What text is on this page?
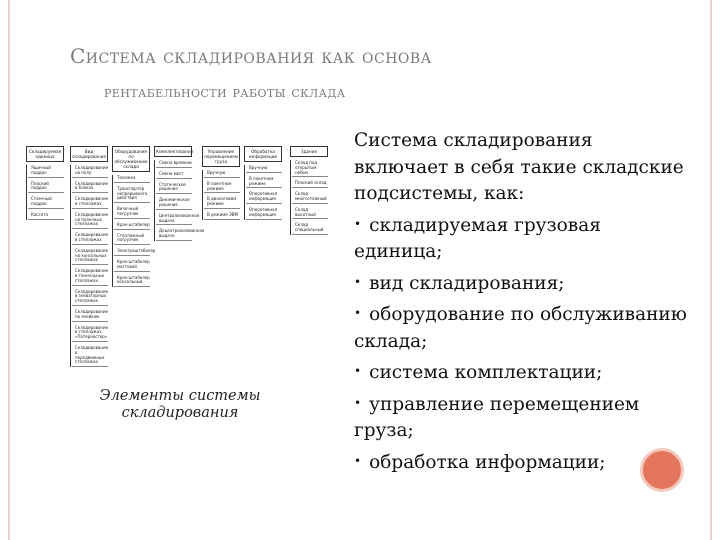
Система складирования как основа
рентабельности работы склада
Складируемая единица
Ящичный поддон
Плоский поддон
Стоечный поддон
Кассета
Вид складирования
Складирование на полу
Складирование в блоках
Складирование в стеллажах
Складирование на полочных стеллажах
Складирование в стеллажах
Складирование на консольных стеллажах
Складирование в тоннельных стеллажах
Складирование в элеваторных стеллажах
Складирование по ячейкам
Складирование в стеллажах «Патерностер»
Складирование в передвижных стеллажах
Оборудование по обслуживанию склада
Тележка
Транспортер непрерывного действия
Вилочный погрузчик
Кран-штабелер
Стеллажный погрузчик
Электроштабелер
Кран-штабелер мостовой
Кран-штабелер консольный
Комплектование
Смена времени
Смена мест
Статическое решение
Динамическое решение
Централизованная выдача
Децентрализованная выдача
Управление перемещением груза
Вручную
В пакетном режиме
В диалоговом режиме
В режиме ЭВМ
Обработка информации
Вручную
В пакетном режиме
Оперативная информация
Оперативная информация
Здание
Склад под открытым небом
Плоский склад
Склад многоэтажный
Склад высотный
Склад специальный
Элементы системы складирования

Система складирования включает в себя такие складские подсистемы, как:

• складируемая грузовая единица;
• вид складирования;
• оборудование по обслуживанию склада;
• система комплектации;
• управление перемещением груза;
• обработка информации;
